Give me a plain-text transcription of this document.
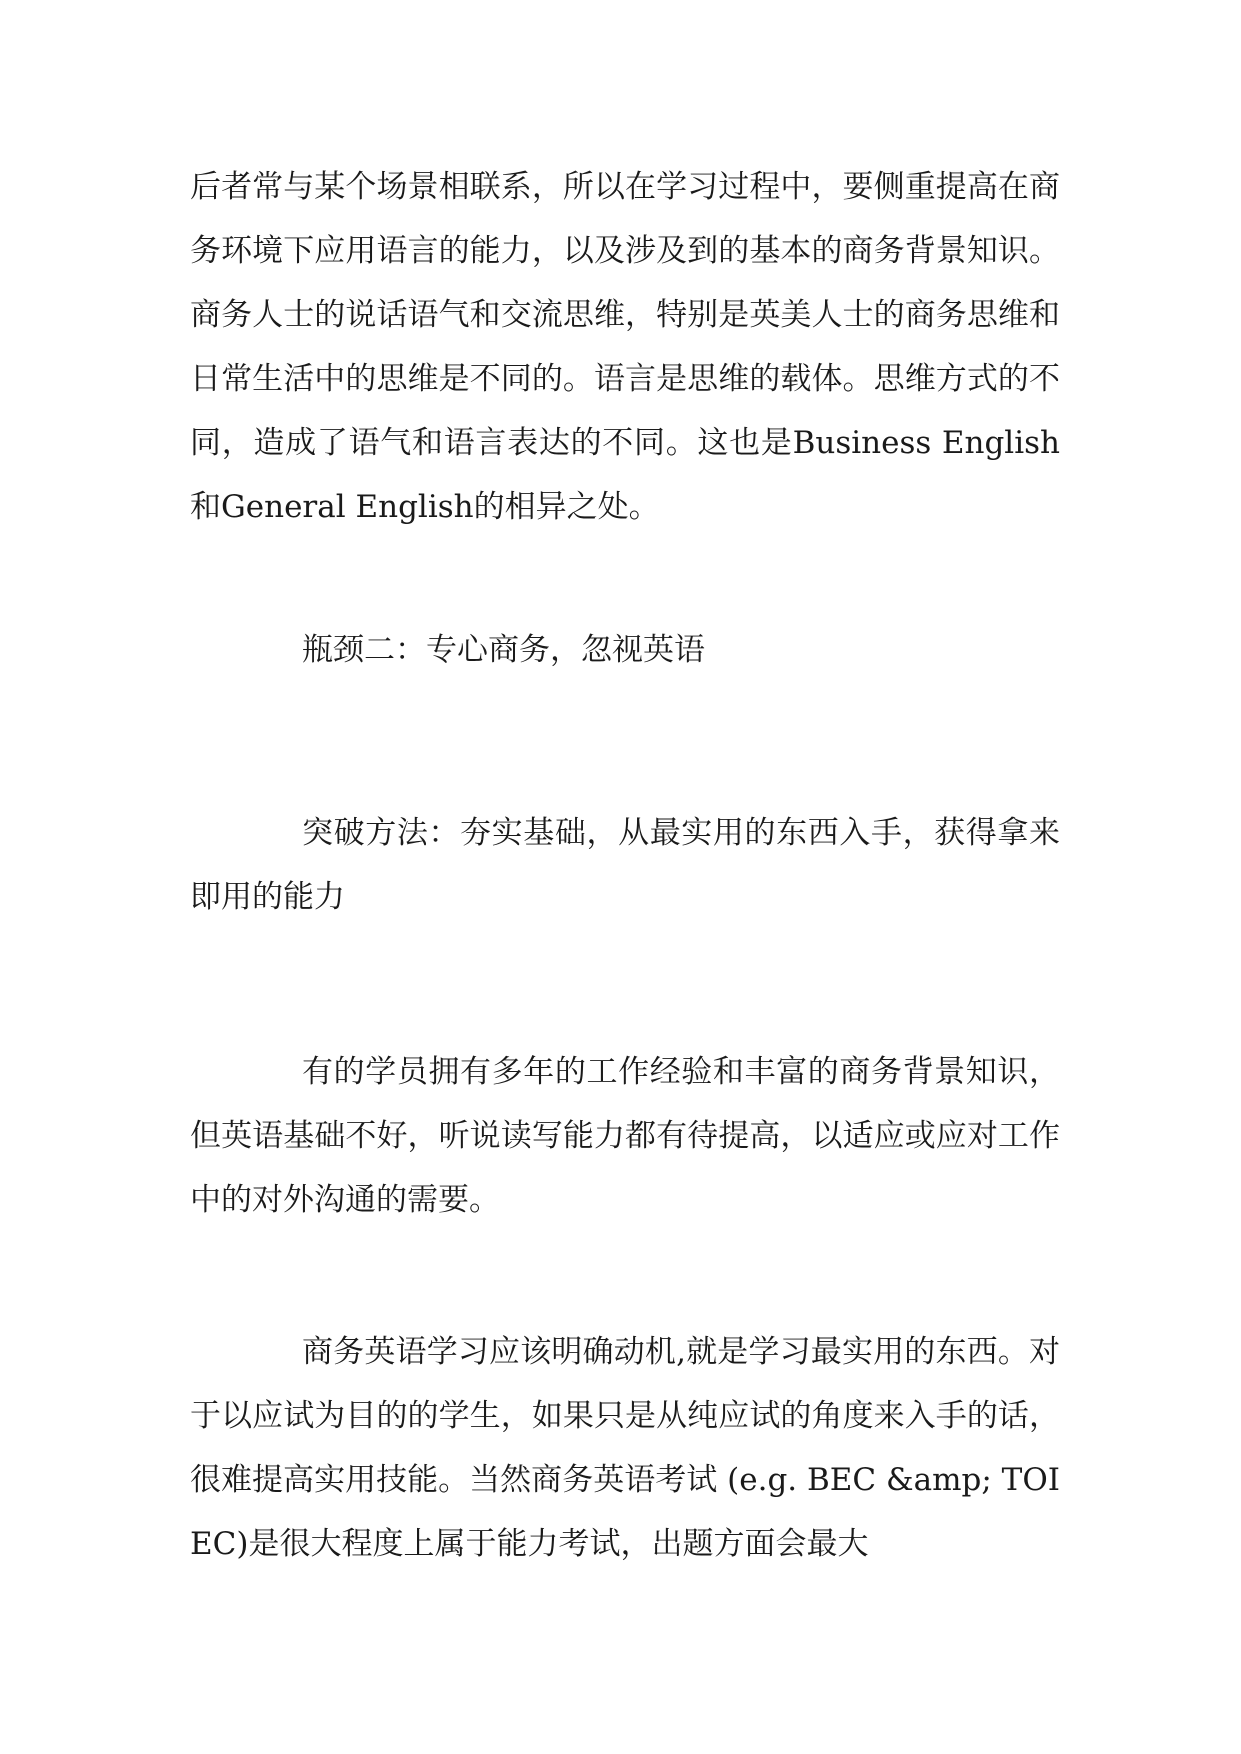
后者常与某个场景相联系，所以在学习过程中，要侧重提高在商务环境下应用语言的能力，以及涉及到的基本的商务背景知识。商务人士的说话语气和交流思维，特别是英美人士的商务思维和日常生活中的思维是不同的。语言是思维的载体。思维方式的不同，造成了语气和语言表达的不同。这也是Business English和General English的相异之处。

瓶颈二：专心商务，忽视英语

突破方法：夯实基础，从最实用的东西入手，获得拿来即用的能力

有的学员拥有多年的工作经验和丰富的商务背景知识，但英语基础不好，听说读写能力都有待提高，以适应或应对工作中的对外沟通的需要。

商务英语学习应该明确动机,就是学习最实用的东西。对于以应试为目的的学生，如果只是从纯应试的角度来入手的话，很难提高实用技能。当然商务英语考试 (e.g. BEC &amp; TOIEC)是很大程度上属于能力考试，出题方面会最大
